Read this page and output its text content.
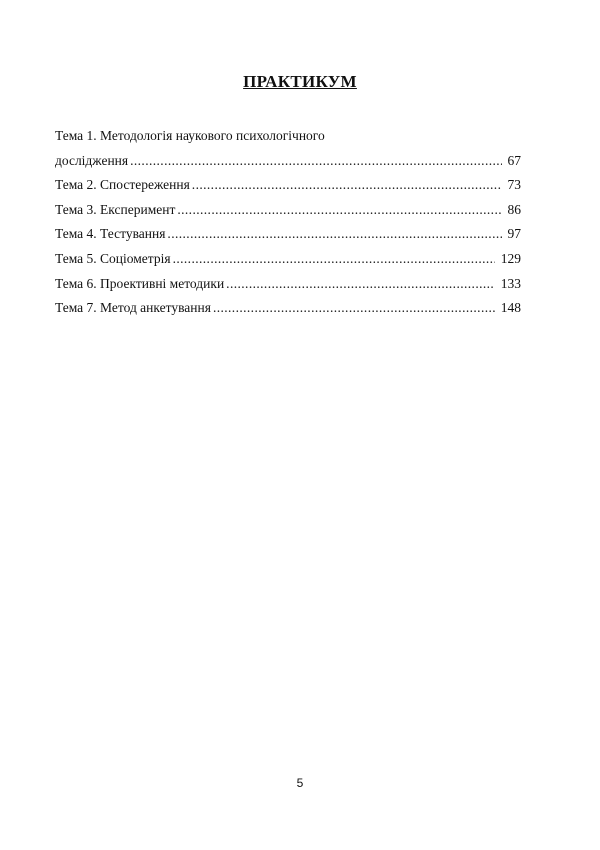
ПРАКТИКУМ
Тема 1. Методологія наукового психологічного
дослідження .....	67
Тема 2. Спостереження .....	73
Тема 3. Експеримент .....	86
Тема 4. Тестування .....	97
Тема 5. Соціометрія .....	129
Тема 6. Проективні методики .....	133
Тема 7. Метод анкетування .....	148
5
